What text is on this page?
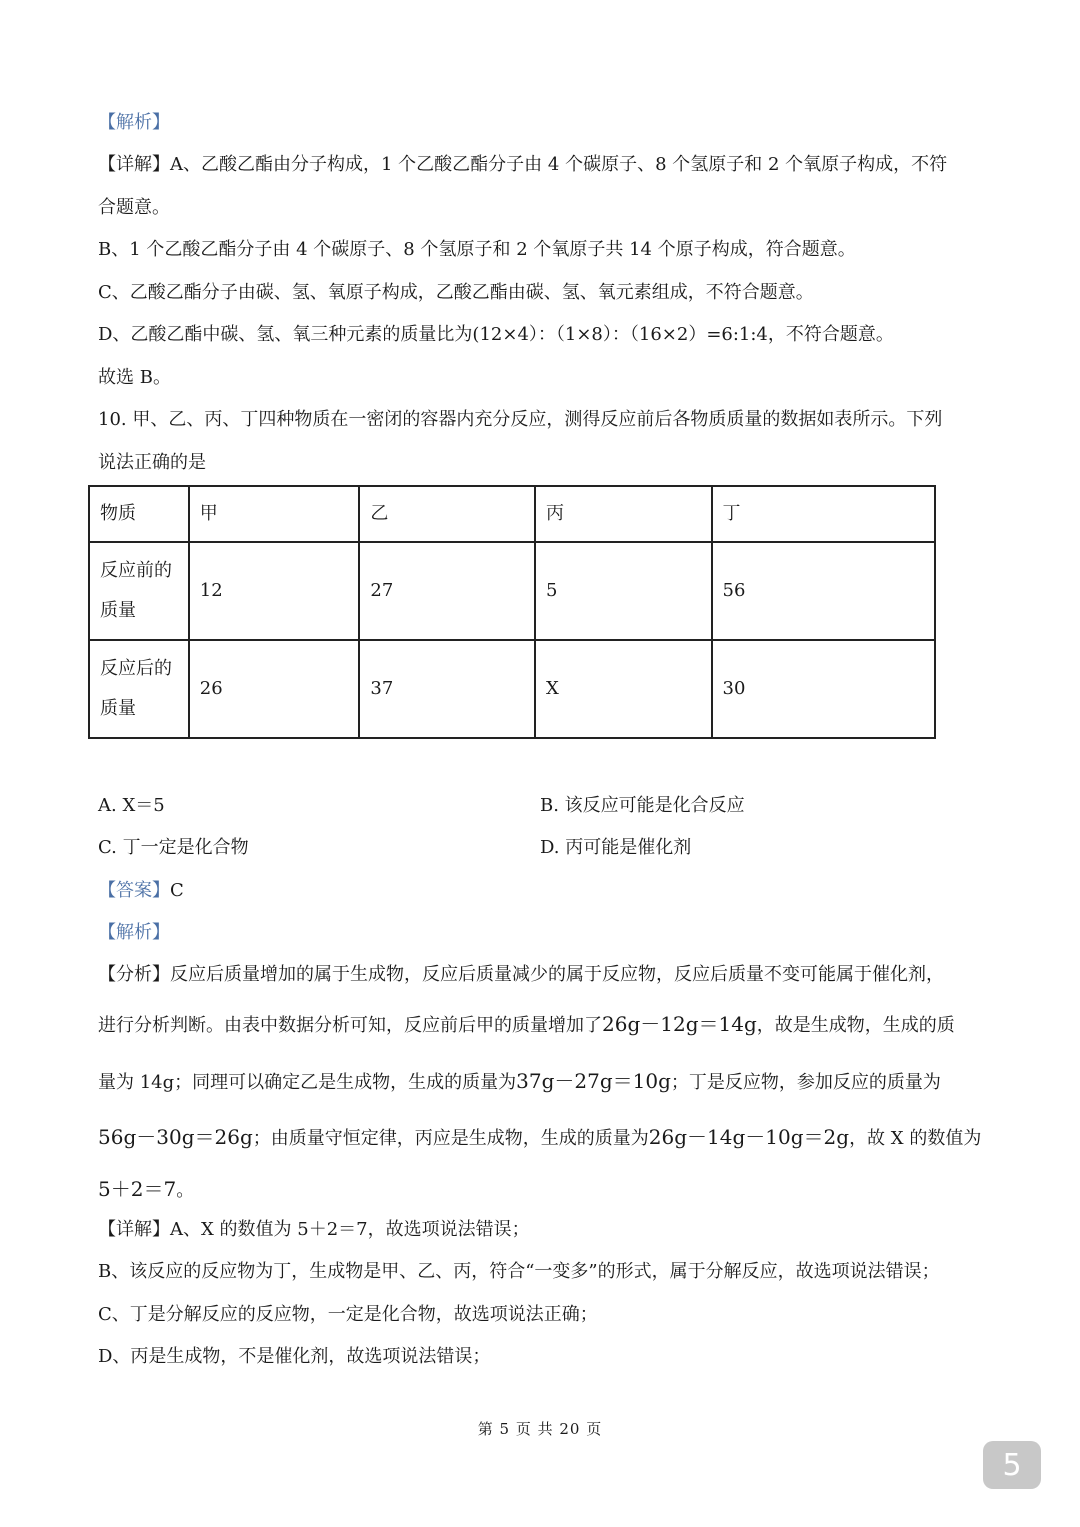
【解析】
【详解】A、乙酸乙酯由分子构成，1 个乙酸乙酯分子由 4 个碳原子、8 个氢原子和 2 个氧原子构成，不符
合题意。
B、1 个乙酸乙酯分子由 4 个碳原子、8 个氢原子和 2 个氧原子共 14 个原子构成，符合题意。
C、乙酸乙酯分子由碳、氢、氧原子构成，乙酸乙酯由碳、氢、氧元素组成，不符合题意。
D、乙酸乙酯中碳、氢、氧三种元素的质量比为(12×4）：（1×8）：（16×2）=6:1:4，不符合题意。
故选 B。
10. 甲、乙、丙、丁四种物质在一密闭的容器内充分反应，测得反应前后各物质质量的数据如表所示。下列
说法正确的是
物质	甲	乙	丙	丁

反应前的
质量	12	27	5	56

反应后的
质量	26	37	X	30
A. X＝5	B. 该反应可能是化合反应
C. 丁一定是化合物	D. 丙可能是催化剂
【答案】C
【解析】
【分析】反应后质量增加的属于生成物，反应后质量减少的属于反应物，反应后质量不变可能属于催化剂，
进行分析判断。由表中数据分析可知，反应前后甲的质量增加了26g－12g＝14g，故是生成物，生成的质
量为 14g；同理可以确定乙是生成物，生成的质量为37g－27g＝10g；丁是反应物，参加反应的质量为
56g－30g＝26g；由质量守恒定律，丙应是生成物，生成的质量为26g－14g－10g＝2g，故 X 的数值为
5＋2＝7。
【详解】A、X 的数值为 5＋2＝7，故选项说法错误；
B、该反应的反应物为丁，生成物是甲、乙、丙，符合“一变多”的形式，属于分解反应，故选项说法错误；
C、丁是分解反应的反应物，一定是化合物，故选项说法正确；
D、丙是生成物，不是催化剂，故选项说法错误；
第 5 页 共 20 页
5
